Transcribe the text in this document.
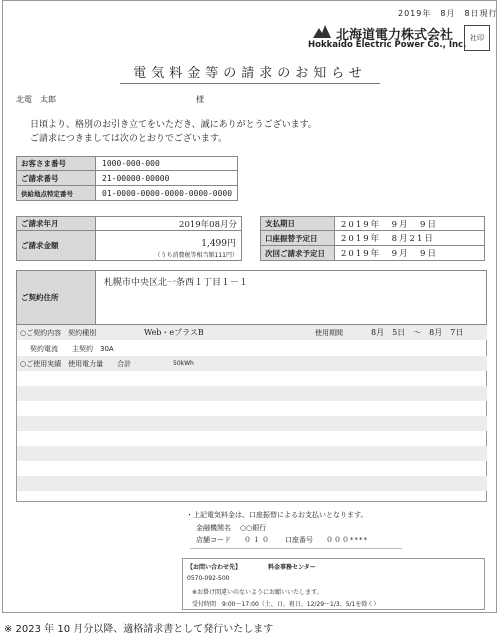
2019年　8月　8日現行
北海道電力株式会社
Hokkaido Electric Power Co., Inc.
社印
電気料金等の請求のお知らせ
北電　太郎	様
日頃より、格別のお引き立てをいただき、誠にありがとうございます。
ご請求につきましては次のとおりでございます。
お客さま番号	1000-000-000
ご請求番号	21-00000-00000
供給地点特定番号	01-0000-0000-0000-0000-0000
ご請求年月	2019年08月分
ご請求金額	1,499円
（うち消費税等相当額111円）
支払期日	2019年　9月　9日
口座振替予定日	2019年　8月21日
次回ご請求予定日	2019年　9月　9日
ご契約住所
札幌市中央区北一条西１丁目１－１
○ご契約内容　契約種別	Web・eプラスB	使用期間	8月　5日　～　8月　7日
契約電流　　主契約　30A
○ご使用実績　使用電力量　　合計	50kWh
・上記電気料金は、口座振替によるお支払いとなります。
金融機関名 ○○銀行
店舗コード ０１０ 口座番号 ０００****
【お問い合わせ先】	料金事務センター
0570-092-500
※お掛け間違いのないようにお願いいたします。
受付時間 9:00～17:00（土、日、祝日、12/29～1/3、5/1を除く）
※ 2023 年 10 月分以降、適格請求書として発行いたします
